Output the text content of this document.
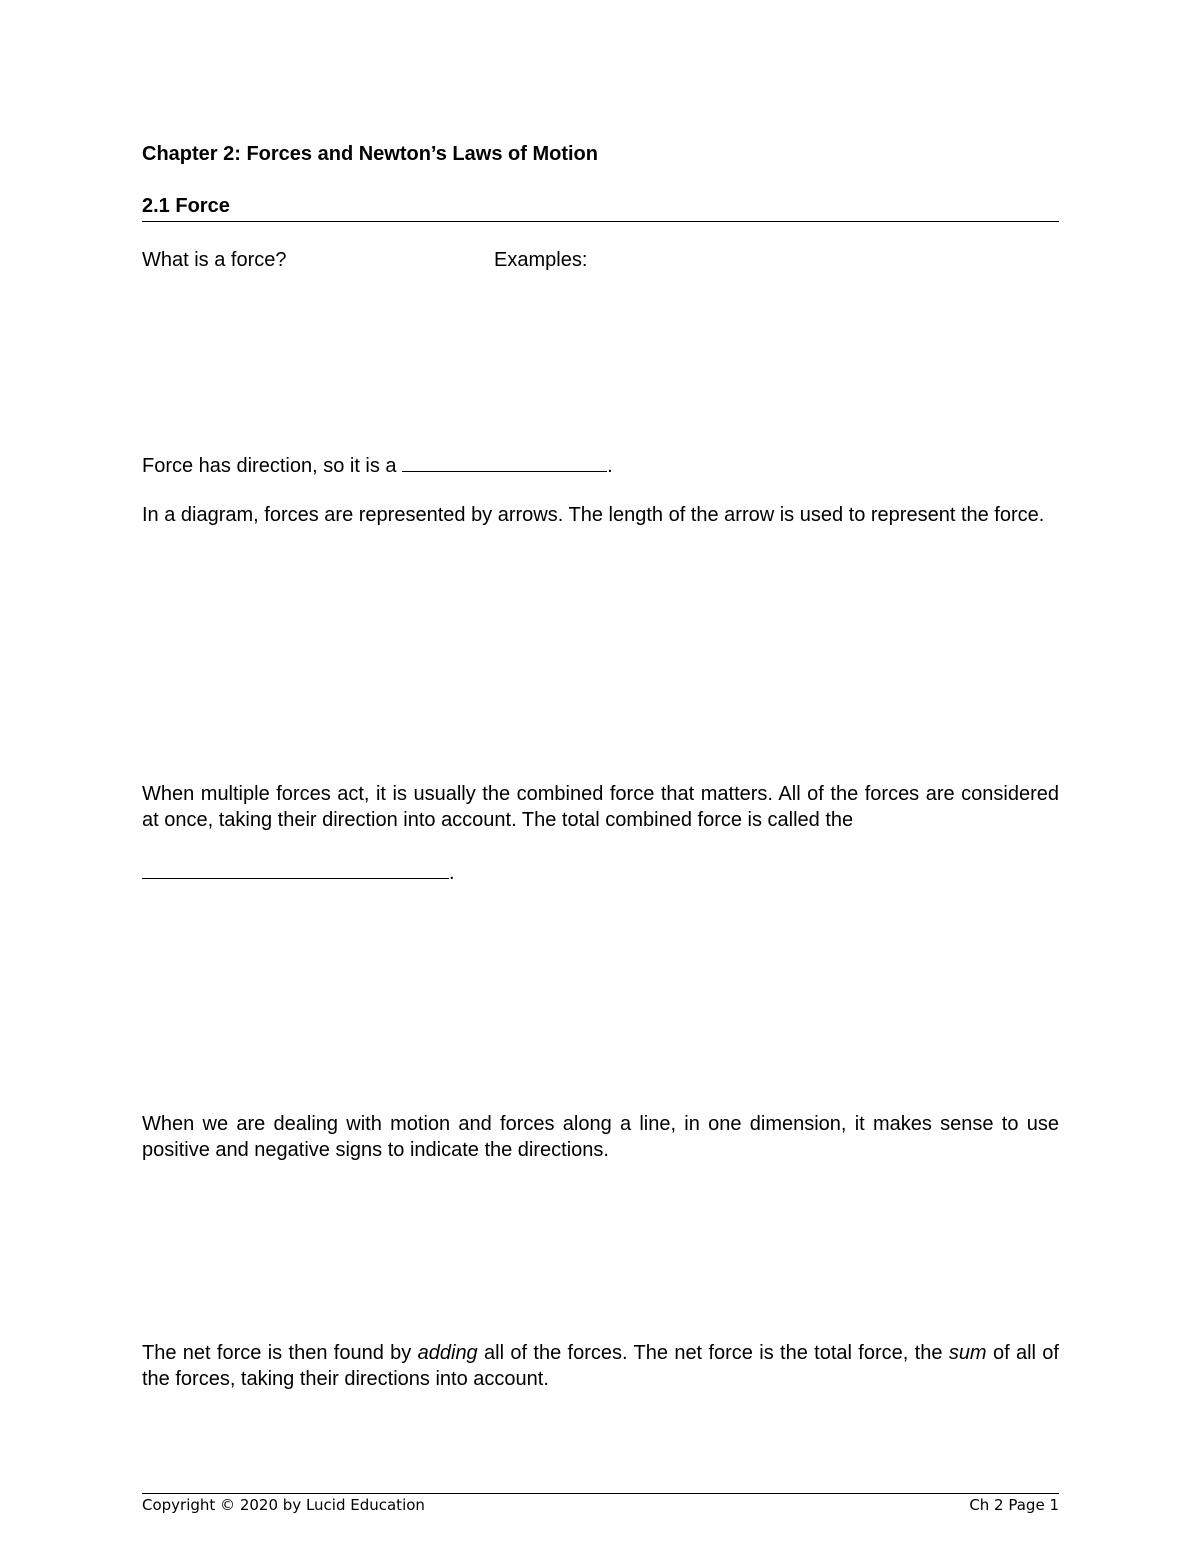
Chapter 2: Forces and Newton’s Laws of Motion
2.1 Force
What is a force?	Examples:
Force has direction, so it is a	.
In a diagram, forces are represented by arrows. The length of the arrow is used to represent the force.
When multiple forces act, it is usually the combined force that matters. All of the forces are considered at once, taking their direction into account. The total combined force is called the
.
When we are dealing with motion and forces along a line, in one dimension, it makes sense to use positive and negative signs to indicate the directions.
The net force is then found by adding all of the forces. The net force is the total force, the sum of all of the forces, taking their directions into account.
Copyright © 2020 by Lucid Education	Ch 2 Page 1
